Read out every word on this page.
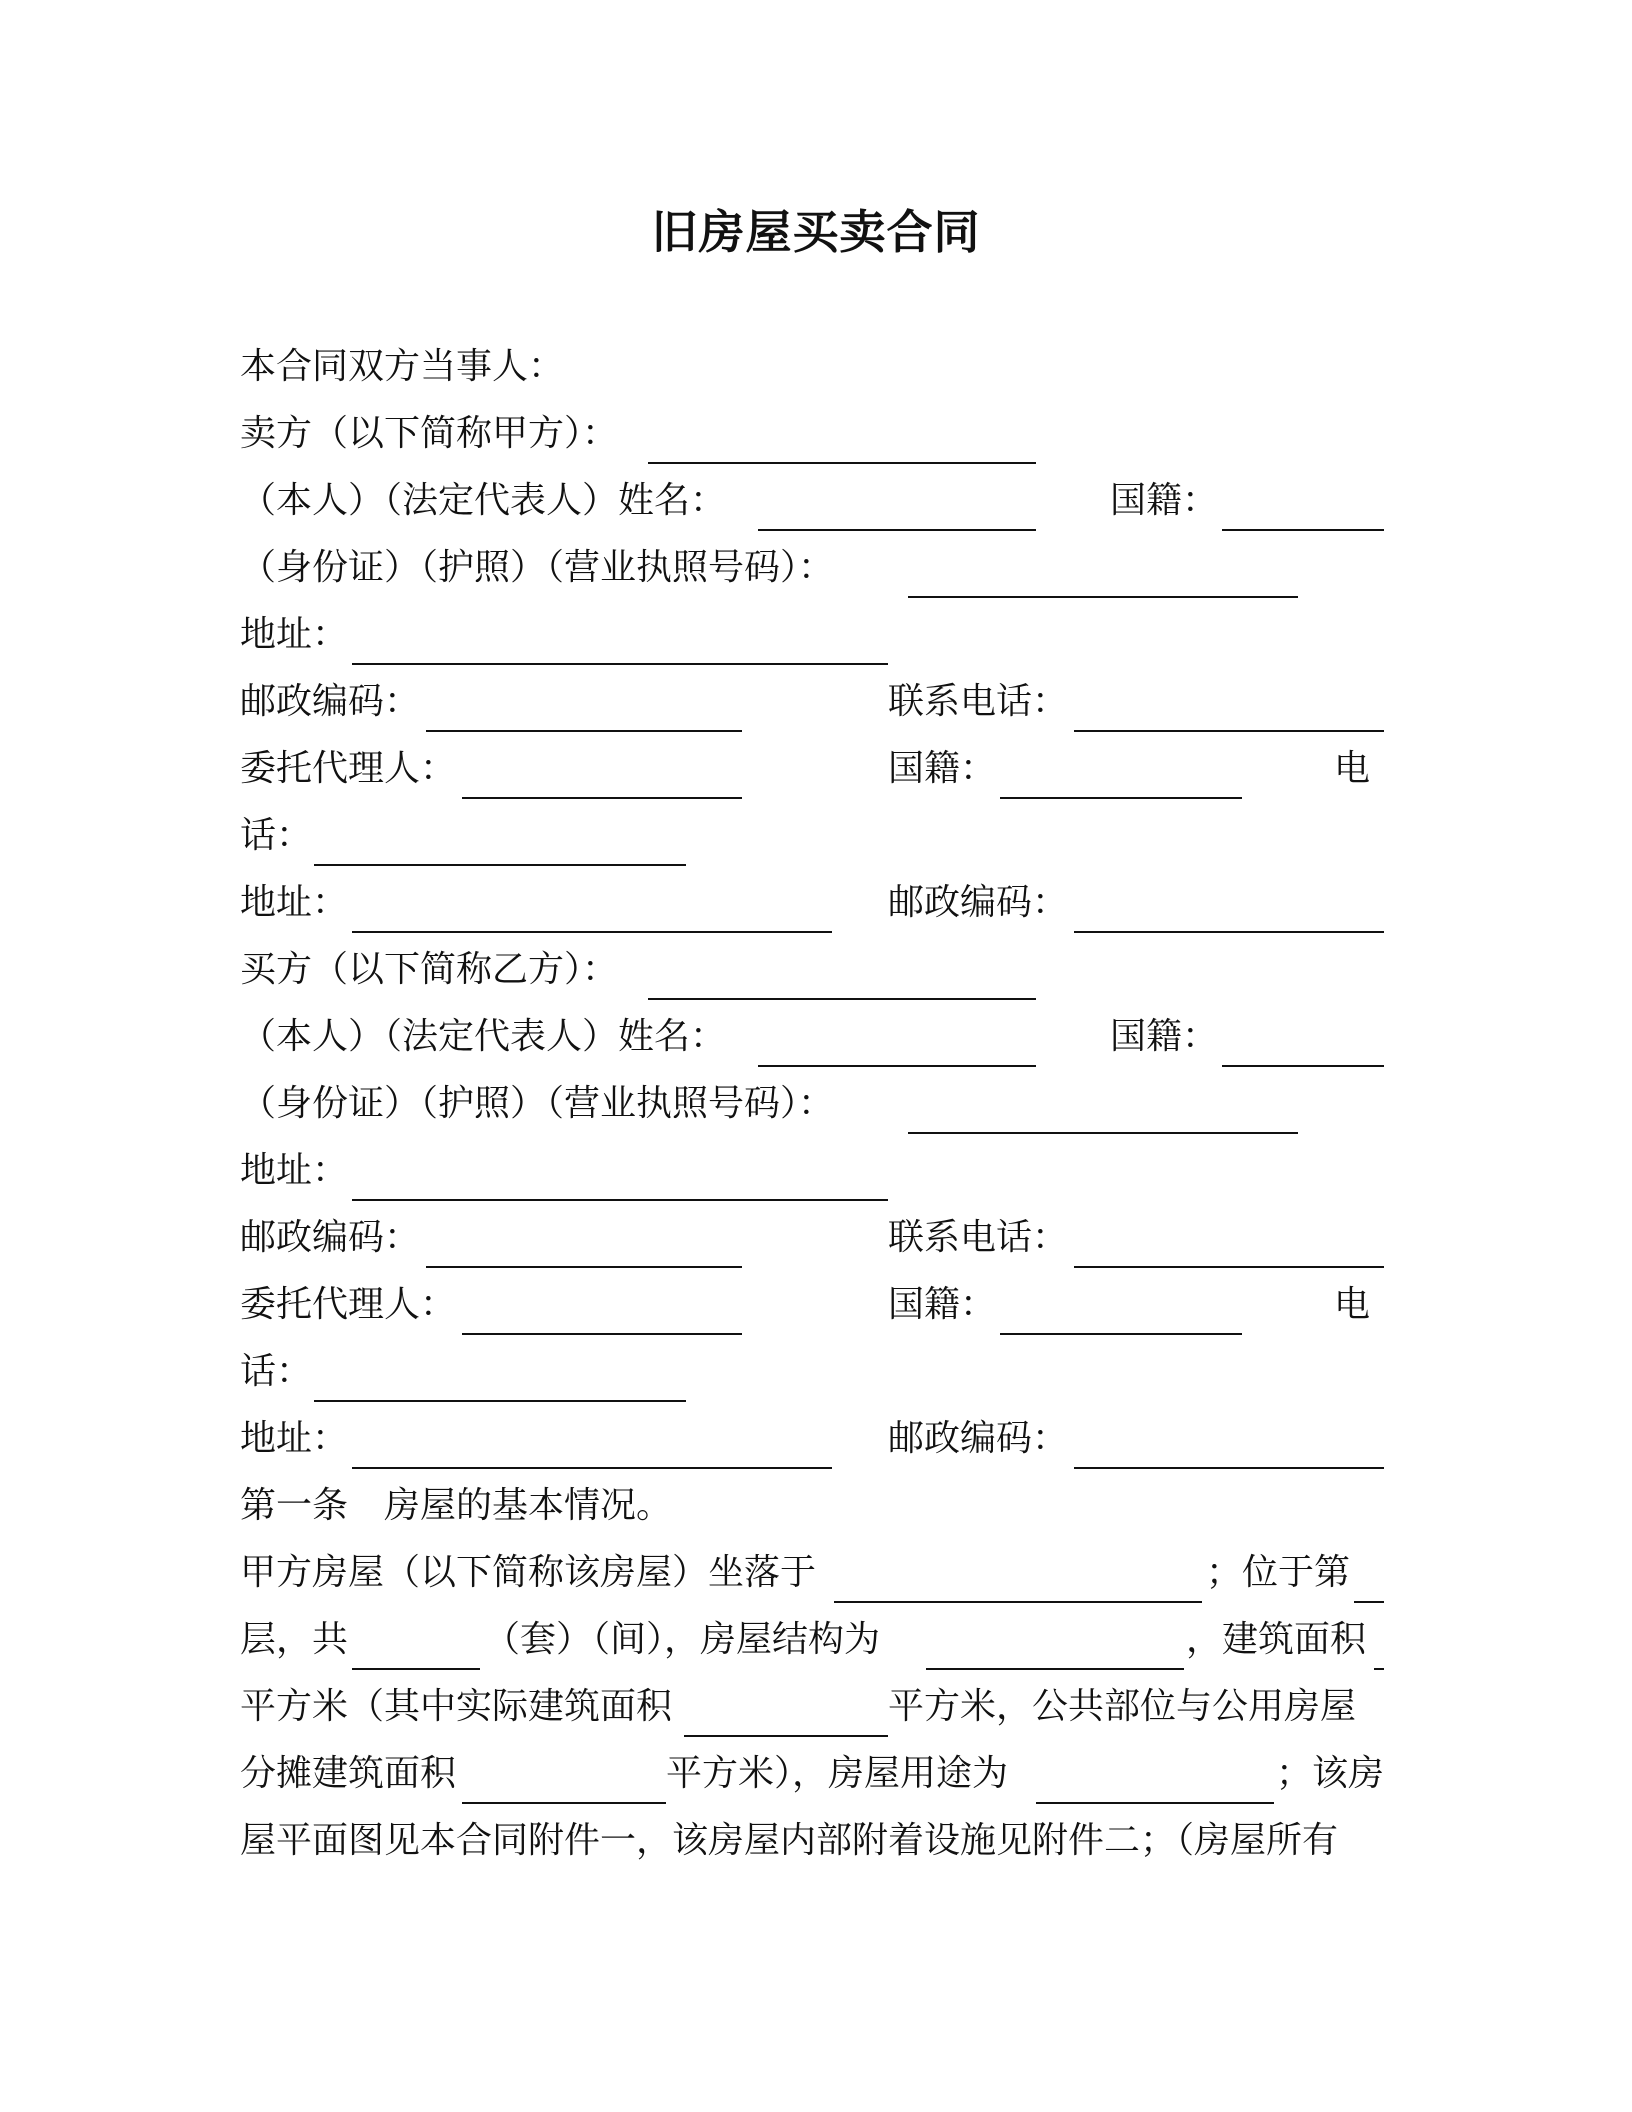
旧房屋买卖合同
本合同双方当事人：
卖方（以下简称甲方）：
（本人）（法定代表人）姓名：	国籍：
（身份证）（护照）（营业执照号码）：
地址：
邮政编码：	联系电话：
委托代理人：	国籍：	电
话：
地址：	邮政编码：
买方（以下简称乙方）：
（本人）（法定代表人）姓名：	国籍：
（身份证）（护照）（营业执照号码）：
地址：
邮政编码：	联系电话：
委托代理人：	国籍：	电
话：
地址：	邮政编码：
第一条　房屋的基本情况。
甲方房屋（以下简称该房屋）坐落于	；位于第
层，共	（套）（间），房屋结构为	，建筑面积
平方米（其中实际建筑面积	平方米，公共部位与公用房屋
分摊建筑面积	平方米），房屋用途为	；该房
屋平面图见本合同附件一，该房屋内部附着设施见附件二；（房屋所有
